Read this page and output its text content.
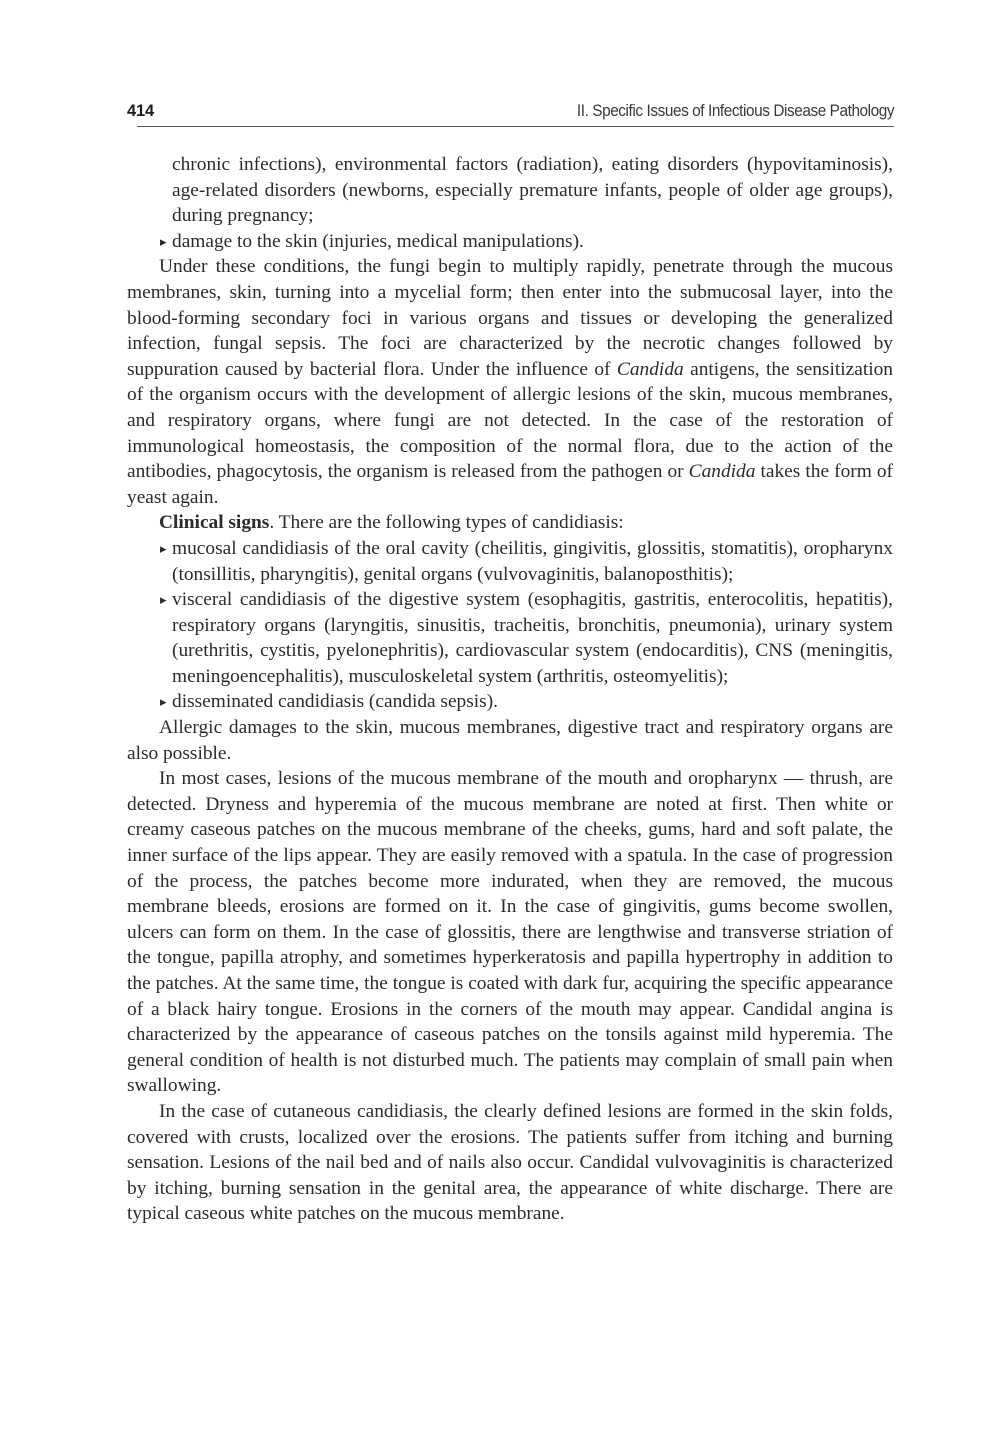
414	II. Specific Issues of Infectious Disease Pathology
chronic infections), environmental factors (radiation), eating disorders (hypovitaminosis), age-related disorders (newborns, especially premature infants, people of older age groups), during pregnancy;
▸ damage to the skin (injuries, medical manipulations).

Under these conditions, the fungi begin to multiply rapidly, penetrate through the mucous membranes, skin, turning into a mycelial form; then enter into the submucosal layer, into the blood-forming secondary foci in various organs and tissues or developing the generalized infection, fungal sepsis. The foci are characterized by the necrotic changes followed by suppuration caused by bacterial flora. Under the influence of Candida antigens, the sensitization of the organism occurs with the development of allergic lesions of the skin, mucous membranes, and respiratory organs, where fungi are not detected. In the case of the restoration of immunological homeostasis, the composition of the normal flora, due to the action of the antibodies, phagocytosis, the organism is released from the pathogen or Candida takes the form of yeast again.

Clinical signs. There are the following types of candidiasis:

▸ mucosal candidiasis of the oral cavity (cheilitis, gingivitis, glossitis, stomatitis), oropharynx (tonsillitis, pharyngitis), genital organs (vulvovaginitis, balanoposthitis);
▸ visceral candidiasis of the digestive system (esophagitis, gastritis, enterocolitis, hepatitis), respiratory organs (laryngitis, sinusitis, tracheitis, bronchitis, pneumonia), urinary system (urethritis, cystitis, pyelonephritis), cardiovascular system (endocarditis), CNS (meningitis, meningoencephalitis), musculoskeletal system (arthritis, osteomyelitis);
▸ disseminated candidiasis (candida sepsis).

Allergic damages to the skin, mucous membranes, digestive tract and respiratory organs are also possible.

In most cases, lesions of the mucous membrane of the mouth and oropharynx — thrush, are detected. Dryness and hyperemia of the mucous membrane are noted at first. Then white or creamy caseous patches on the mucous membrane of the cheeks, gums, hard and soft palate, the inner surface of the lips appear. They are easily removed with a spatula. In the case of progression of the process, the patches become more indurated, when they are removed, the mucous membrane bleeds, erosions are formed on it. In the case of gingivitis, gums become swollen, ulcers can form on them. In the case of glossitis, there are lengthwise and transverse striation of the tongue, papilla atrophy, and sometimes hyperkeratosis and papilla hypertrophy in addition to the patches. At the same time, the tongue is coated with dark fur, acquiring the specific appearance of a black hairy tongue. Erosions in the corners of the mouth may appear. Candidal angina is characterized by the appearance of caseous patches on the tonsils against mild hyperemia. The general condition of health is not disturbed much. The patients may complain of small pain when swallowing.

In the case of cutaneous candidiasis, the clearly defined lesions are formed in the skin folds, covered with crusts, localized over the erosions. The patients suffer from itching and burning sensation. Lesions of the nail bed and of nails also occur. Candidal vulvovaginitis is characterized by itching, burning sensation in the genital area, the appearance of white discharge. There are typical caseous white patches on the mucous membrane.
